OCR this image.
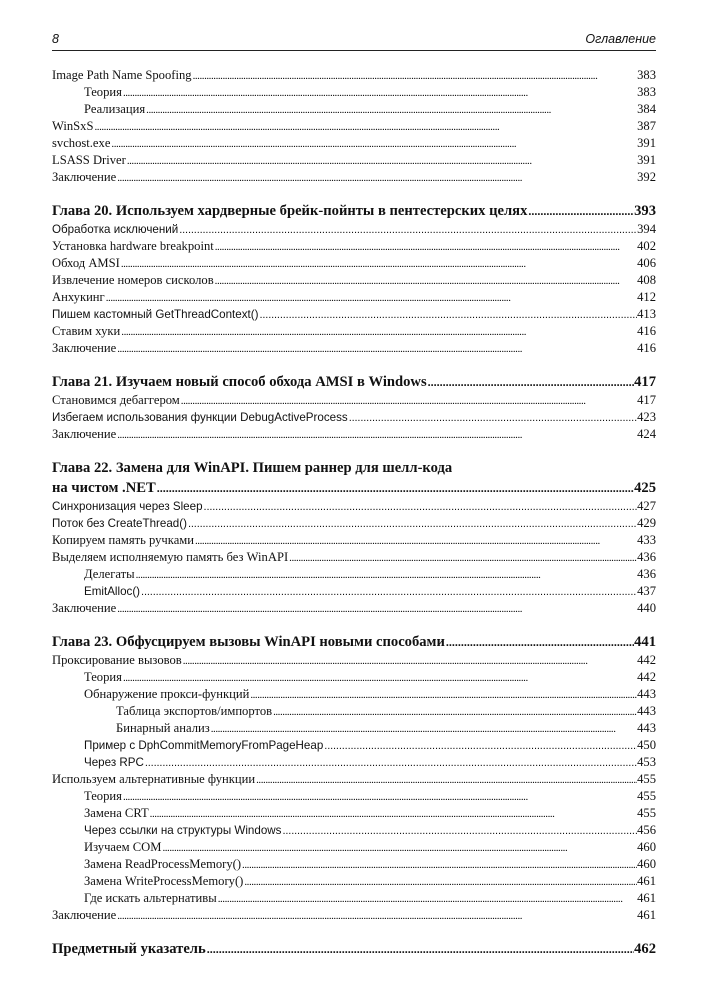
8	Оглавление
Image Path Name Spoofing . . .	383
Теория . . .	383
Реализация . . .	384
WinSxS . . .	387
svchost.exe . . .	391
LSASS Driver . . .	391
Заключение . . .	392
Глава 20. Используем хардверные брейк-пойнты в пентестерских целях . . .	393
Обработка исключений . . .	394
Установка hardware breakpoint . . .	402
Обход AMSI . . .	406
Извлечение номеров сисколов . . .	408
Анхукинг . . .	412
Пишем кастомный GetThreadContext() . . .	413
Ставим хуки . . .	416
Заключение . . .	416
Глава 21. Изучаем новый способ обхода AMSI в Windows . . .	417
Становимся дебаггером . . .	417
Избегаем использования функции DebugActiveProcess . . .	423
Заключение . . .	424
Глава 22. Замена для WinAPI. Пишем раннер для шелл-кода
на чистом .NET . . .	425
Синхронизация через Sleep . . .	427
Поток без CreateThread() . . .	429
Копируем память ручками . . .	433
Выделяем исполняемую память без WinAPI . . .	436
Делегаты . . .	436
EmitAlloc() . . .	437
Заключение . . .	440
Глава 23. Обфусцируем вызовы WinAPI новыми способами . . .	441
Проксирование вызовов . . .	442
Теория . . .	442
Обнаружение прокси-функций . . .	443
Таблица экспортов/импортов . . .	443
Бинарный анализ . . .	443
Пример с DphCommitMemoryFromPageHeap . . .	450
Через RPC . . .	453
Используем альтернативные функции . . .	455
Теория . . .	455
Замена CRT . . .	455
Через ссылки на структуры Windows . . .	456
Изучаем COM . . .	460
Замена ReadProcessMemory() . . .	460
Замена WriteProcessMemory() . . .	461
Где искать альтернативы . . .	461
Заключение . . .	461
Предметный указатель . . .	462
